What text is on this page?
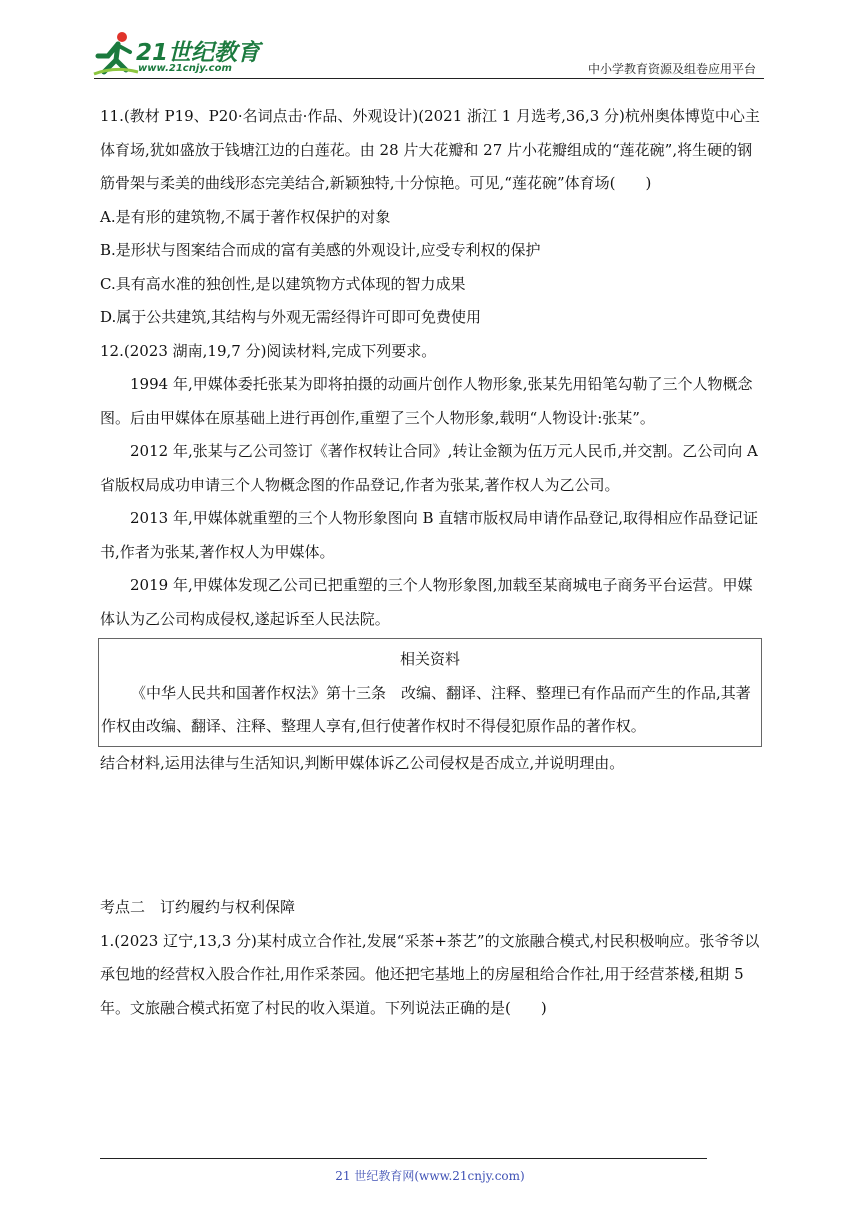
21世纪教育
www.21cnjy.com	中小学教育资源及组卷应用平台

11.(教材 P19、P20·名词点击·作品、外观设计)(2021 浙江 1 月选考,36,3 分)杭州奥体博览中心主体育场,犹如盛放于钱塘江边的白莲花。由 28 片大花瓣和 27 片小花瓣组成的“莲花碗”,将生硬的钢筋骨架与柔美的曲线形态完美结合,新颖独特,十分惊艳。可见,“莲花碗”体育场(　　)

A.是有形的建筑物,不属于著作权保护的对象

B.是形状与图案结合而成的富有美感的外观设计,应受专利权的保护

C.具有高水准的独创性,是以建筑物方式体现的智力成果

D.属于公共建筑,其结构与外观无需经得许可即可免费使用

12.(2023 湖南,19,7 分)阅读材料,完成下列要求。

1994 年,甲媒体委托张某为即将拍摄的动画片创作人物形象,张某先用铅笔勾勒了三个人物概念图。后由甲媒体在原基础上进行再创作,重塑了三个人物形象,载明“人物设计:张某”。

2012 年,张某与乙公司签订《著作权转让合同》,转让金额为伍万元人民币,并交割。乙公司向 A 省版权局成功申请三个人物概念图的作品登记,作者为张某,著作权人为乙公司。

2013 年,甲媒体就重塑的三个人物形象图向 B 直辖市版权局申请作品登记,取得相应作品登记证书,作者为张某,著作权人为甲媒体。

2019 年,甲媒体发现乙公司已把重塑的三个人物形象图,加载至某商城电子商务平台运营。甲媒体认为乙公司构成侵权,遂起诉至人民法院。

相关资料

《中华人民共和国著作权法》第十三条　改编、翻译、注释、整理已有作品而产生的作品,其著作权由改编、翻译、注释、整理人享有,但行使著作权时不得侵犯原作品的著作权。

结合材料,运用法律与生活知识,判断甲媒体诉乙公司侵权是否成立,并说明理由。

考点二　订约履约与权利保障

1.(2023 辽宁,13,3 分)某村成立合作社,发展“采茶+茶艺”的文旅融合模式,村民积极响应。张爷爷以承包地的经营权入股合作社,用作采茶园。他还把宅基地上的房屋租给合作社,用于经营茶楼,租期 5 年。文旅融合模式拓宽了村民的收入渠道。下列说法正确的是(　　)

21 世纪教育网(www.21cnjy.com)
